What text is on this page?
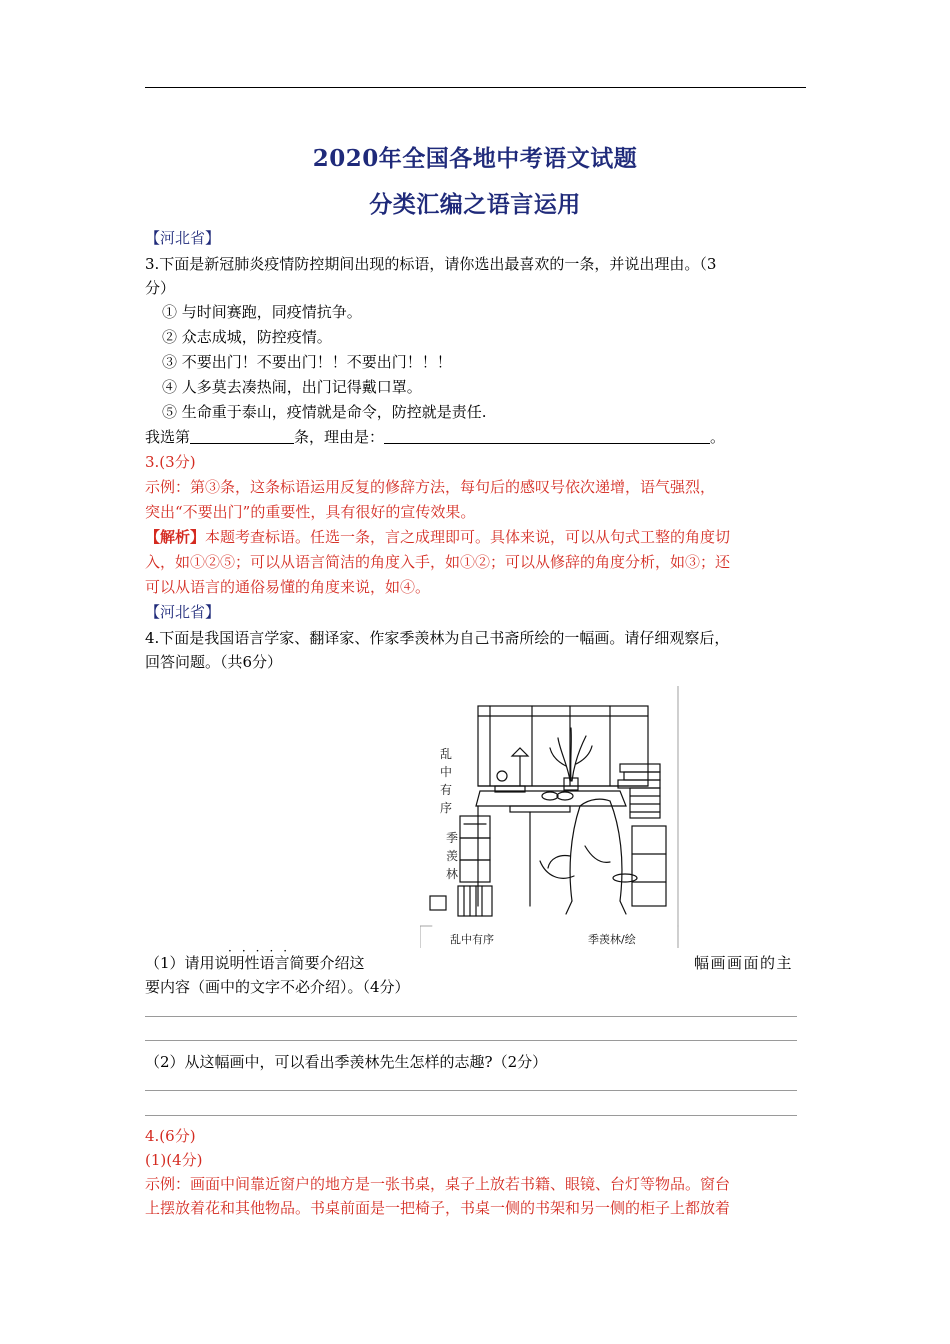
2020年全国各地中考语文试题
分类汇编之语言运用
【河北省】
3.下面是新冠肺炎疫情防控期间出现的标语，请你选出最喜欢的一条，并说出理由。（3
分）
① 与时间赛跑，同疫情抗争。
② 众志成城，防控疫情。
③ 不要出门！不要出门！！不要出门！！！
④ 人多莫去凑热闹，出门记得戴口罩。
⑤ 生命重于泰山，疫情就是命令，防控就是责任.
我选第	条，理由是：	。
3.(3分)
示例：第③条，这条标语运用反复的修辞方法，每句后的感叹号依次递增，语气强烈，
突出“不要出门”的重要性，具有很好的宣传效果。
【解析】本题考查标语。任选一条，言之成理即可。具体来说，可以从句式工整的角度切
入，如①②⑤；可以从语言简洁的角度入手，如①②；可以从修辞的角度分析，如③；还
可以从语言的通俗易懂的角度来说，如④。
【河北省】
4.下面是我国语言学家、翻译家、作家季羡林为自己书斋所绘的一幅画。请仔细观察后，
回答问题。（共6分）
乱
中
有
序
季
羡
林
乱中有序	季羡林/绘
·····
（1）请用说明性语言简要介绍这	幅画画面的主
要内容（画中的文字不必介绍）。（4分）
（2）从这幅画中，可以看出季羡林先生怎样的志趣?（2分）
4.(6分)
(1)(4分)
示例：画面中间靠近窗户的地方是一张书桌，桌子上放若书籍、眼镜、台灯等物品。窗台
上摆放着花和其他物品。书桌前面是一把椅子，书桌一侧的书架和另一侧的柜子上都放着
